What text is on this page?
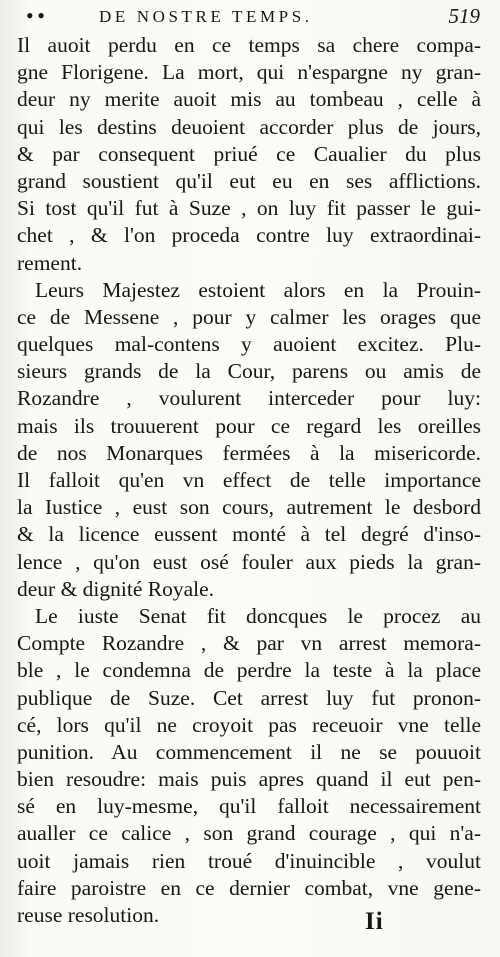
• •	DE NOSTRE TEMPS.	519
Il auoit perdu en ce temps sa chere compa-
gne Florigene. La mort, qui n'espargne ny gran-
deur ny merite auoit mis au tombeau , celle à
qui les destins deuoient accorder plus de jours,
& par consequent priué ce Caualier du plus
grand soustient qu'il eut eu en ses afflictions.
Si tost qu'il fut à Suze , on luy fit passer le gui-
chet , & l'on proceda contre luy extraordinai-
rement.
Leurs Majestez estoient alors en la Prouin-
ce de Messene , pour y calmer les orages que
quelques mal-contens y auoient excitez. Plu-
sieurs grands de la Cour, parens ou amis de
Rozandre , voulurent interceder pour luy:
mais ils trouuerent pour ce regard les oreilles
de nos Monarques fermées à la misericorde.
Il falloit qu'en vn effect de telle importance
la Iustice , eust son cours, autrement le desbord
& la licence eussent monté à tel degré d'inso-
lence , qu'on eust osé fouler aux pieds la gran-
deur & dignité Royale.
Le iuste Senat fit doncques le procez au
Compte Rozandre , & par vn arrest memora-
ble , le condemna de perdre la teste à la place
publique de Suze. Cet arrest luy fut pronon-
cé, lors qu'il ne croyoit pas receuoir vne telle
punition. Au commencement il ne se pouuoit
bien resoudre: mais puis apres quand il eut pen-
sé en luy-mesme, qu'il falloit necessairement
aualler ce calice , son grand courage , qui n'a-
uoit jamais rien troué d'inuincible , voulut
faire paroistre en ce dernier combat, vne gene-
reuse resolution.	Ii
